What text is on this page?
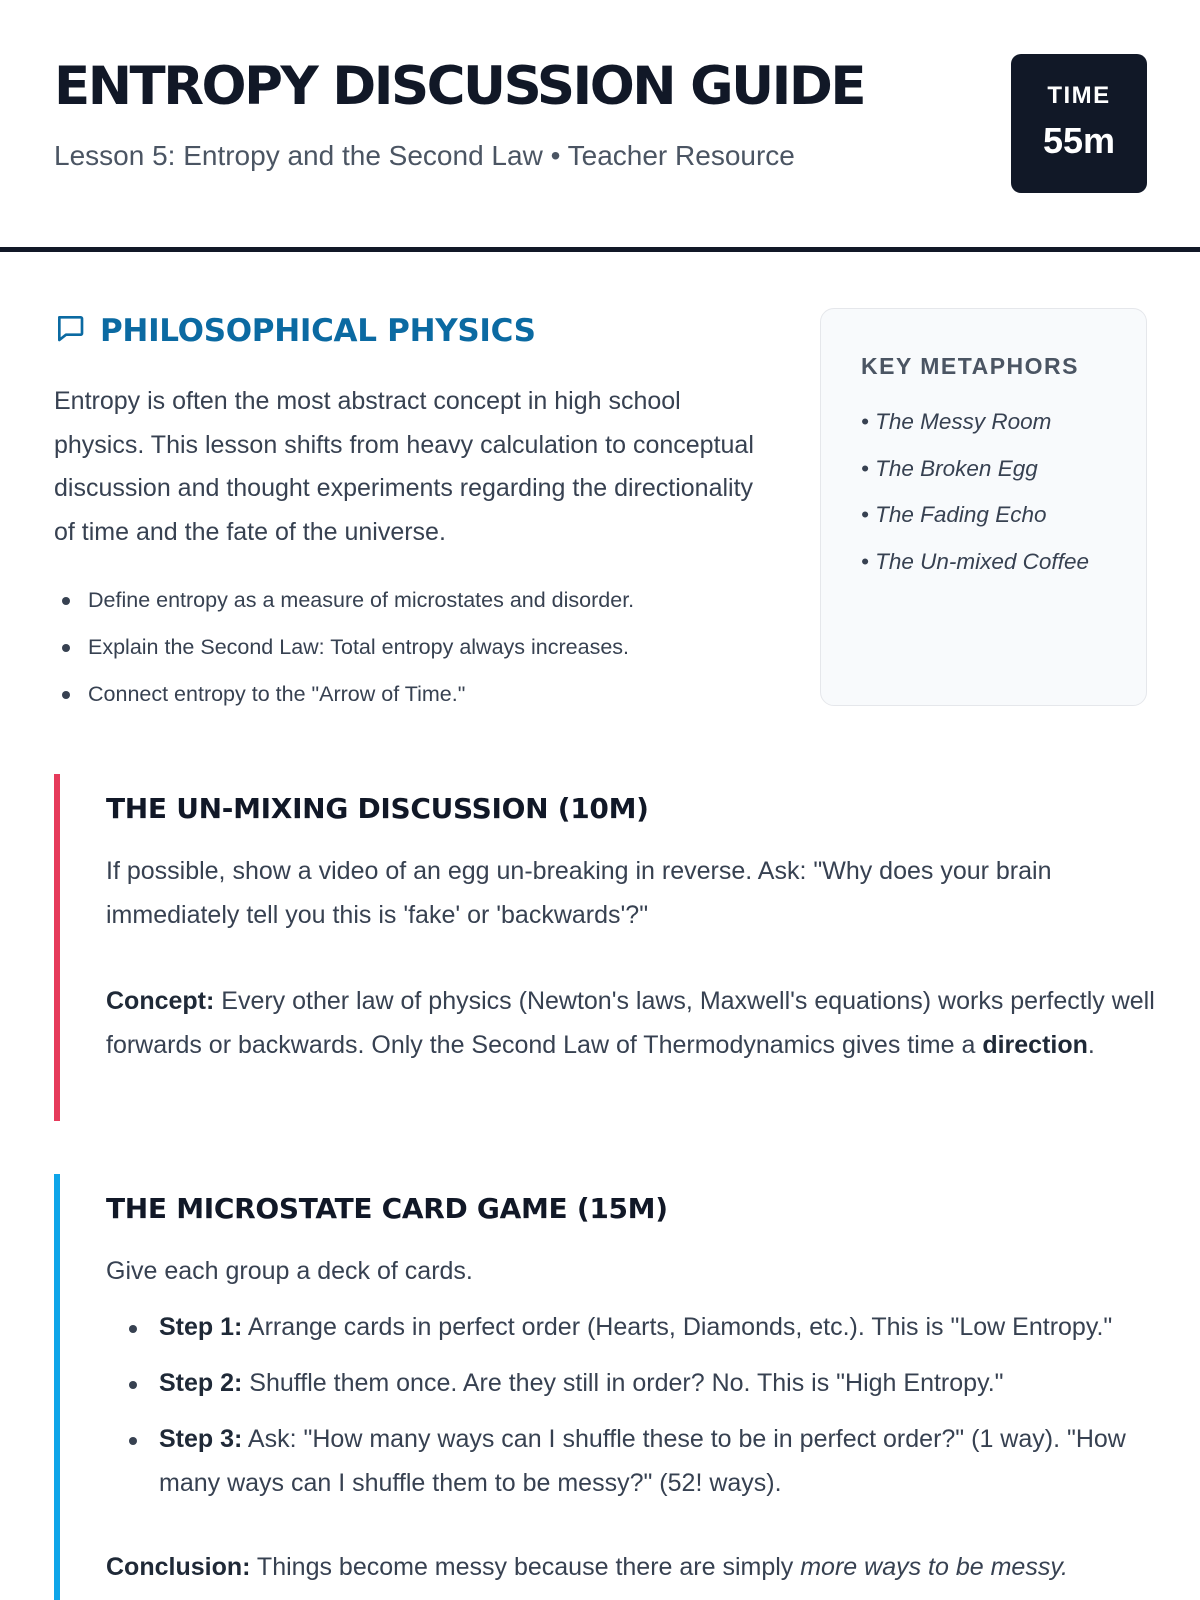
ENTROPY DISCUSSION GUIDE
Lesson 5: Entropy and the Second Law • Teacher Resource
TIME
55m
PHILOSOPHICAL PHYSICS

Entropy is often the most abstract concept in high school physics. This lesson shifts from heavy calculation to conceptual discussion and thought experiments regarding the directionality of time and the fate of the universe.

Define entropy as a measure of microstates and disorder.
Explain the Second Law: Total entropy always increases.
Connect entropy to the "Arrow of Time."
KEY METAPHORS
• The Messy Room
• The Broken Egg
• The Fading Echo
• The Un-mixed Coffee
THE UN-MIXING DISCUSSION (10M)

If possible, show a video of an egg un-breaking in reverse. Ask: "Why does your brain immediately tell you this is 'fake' or 'backwards'?"

Concept: Every other law of physics (Newton's laws, Maxwell's equations) works perfectly well forwards or backwards. Only the Second Law of Thermodynamics gives time a direction.

THE MICROSTATE CARD GAME (15M)

Give each group a deck of cards.

Step 1: Arrange cards in perfect order (Hearts, Diamonds, etc.). This is "Low Entropy."
Step 2: Shuffle them once. Are they still in order? No. This is "High Entropy."
Step 3: Ask: "How many ways can I shuffle these to be in perfect order?" (1 way). "How many ways can I shuffle them to be messy?" (52! ways).

Conclusion: Things become messy because there are simply more ways to be messy.
